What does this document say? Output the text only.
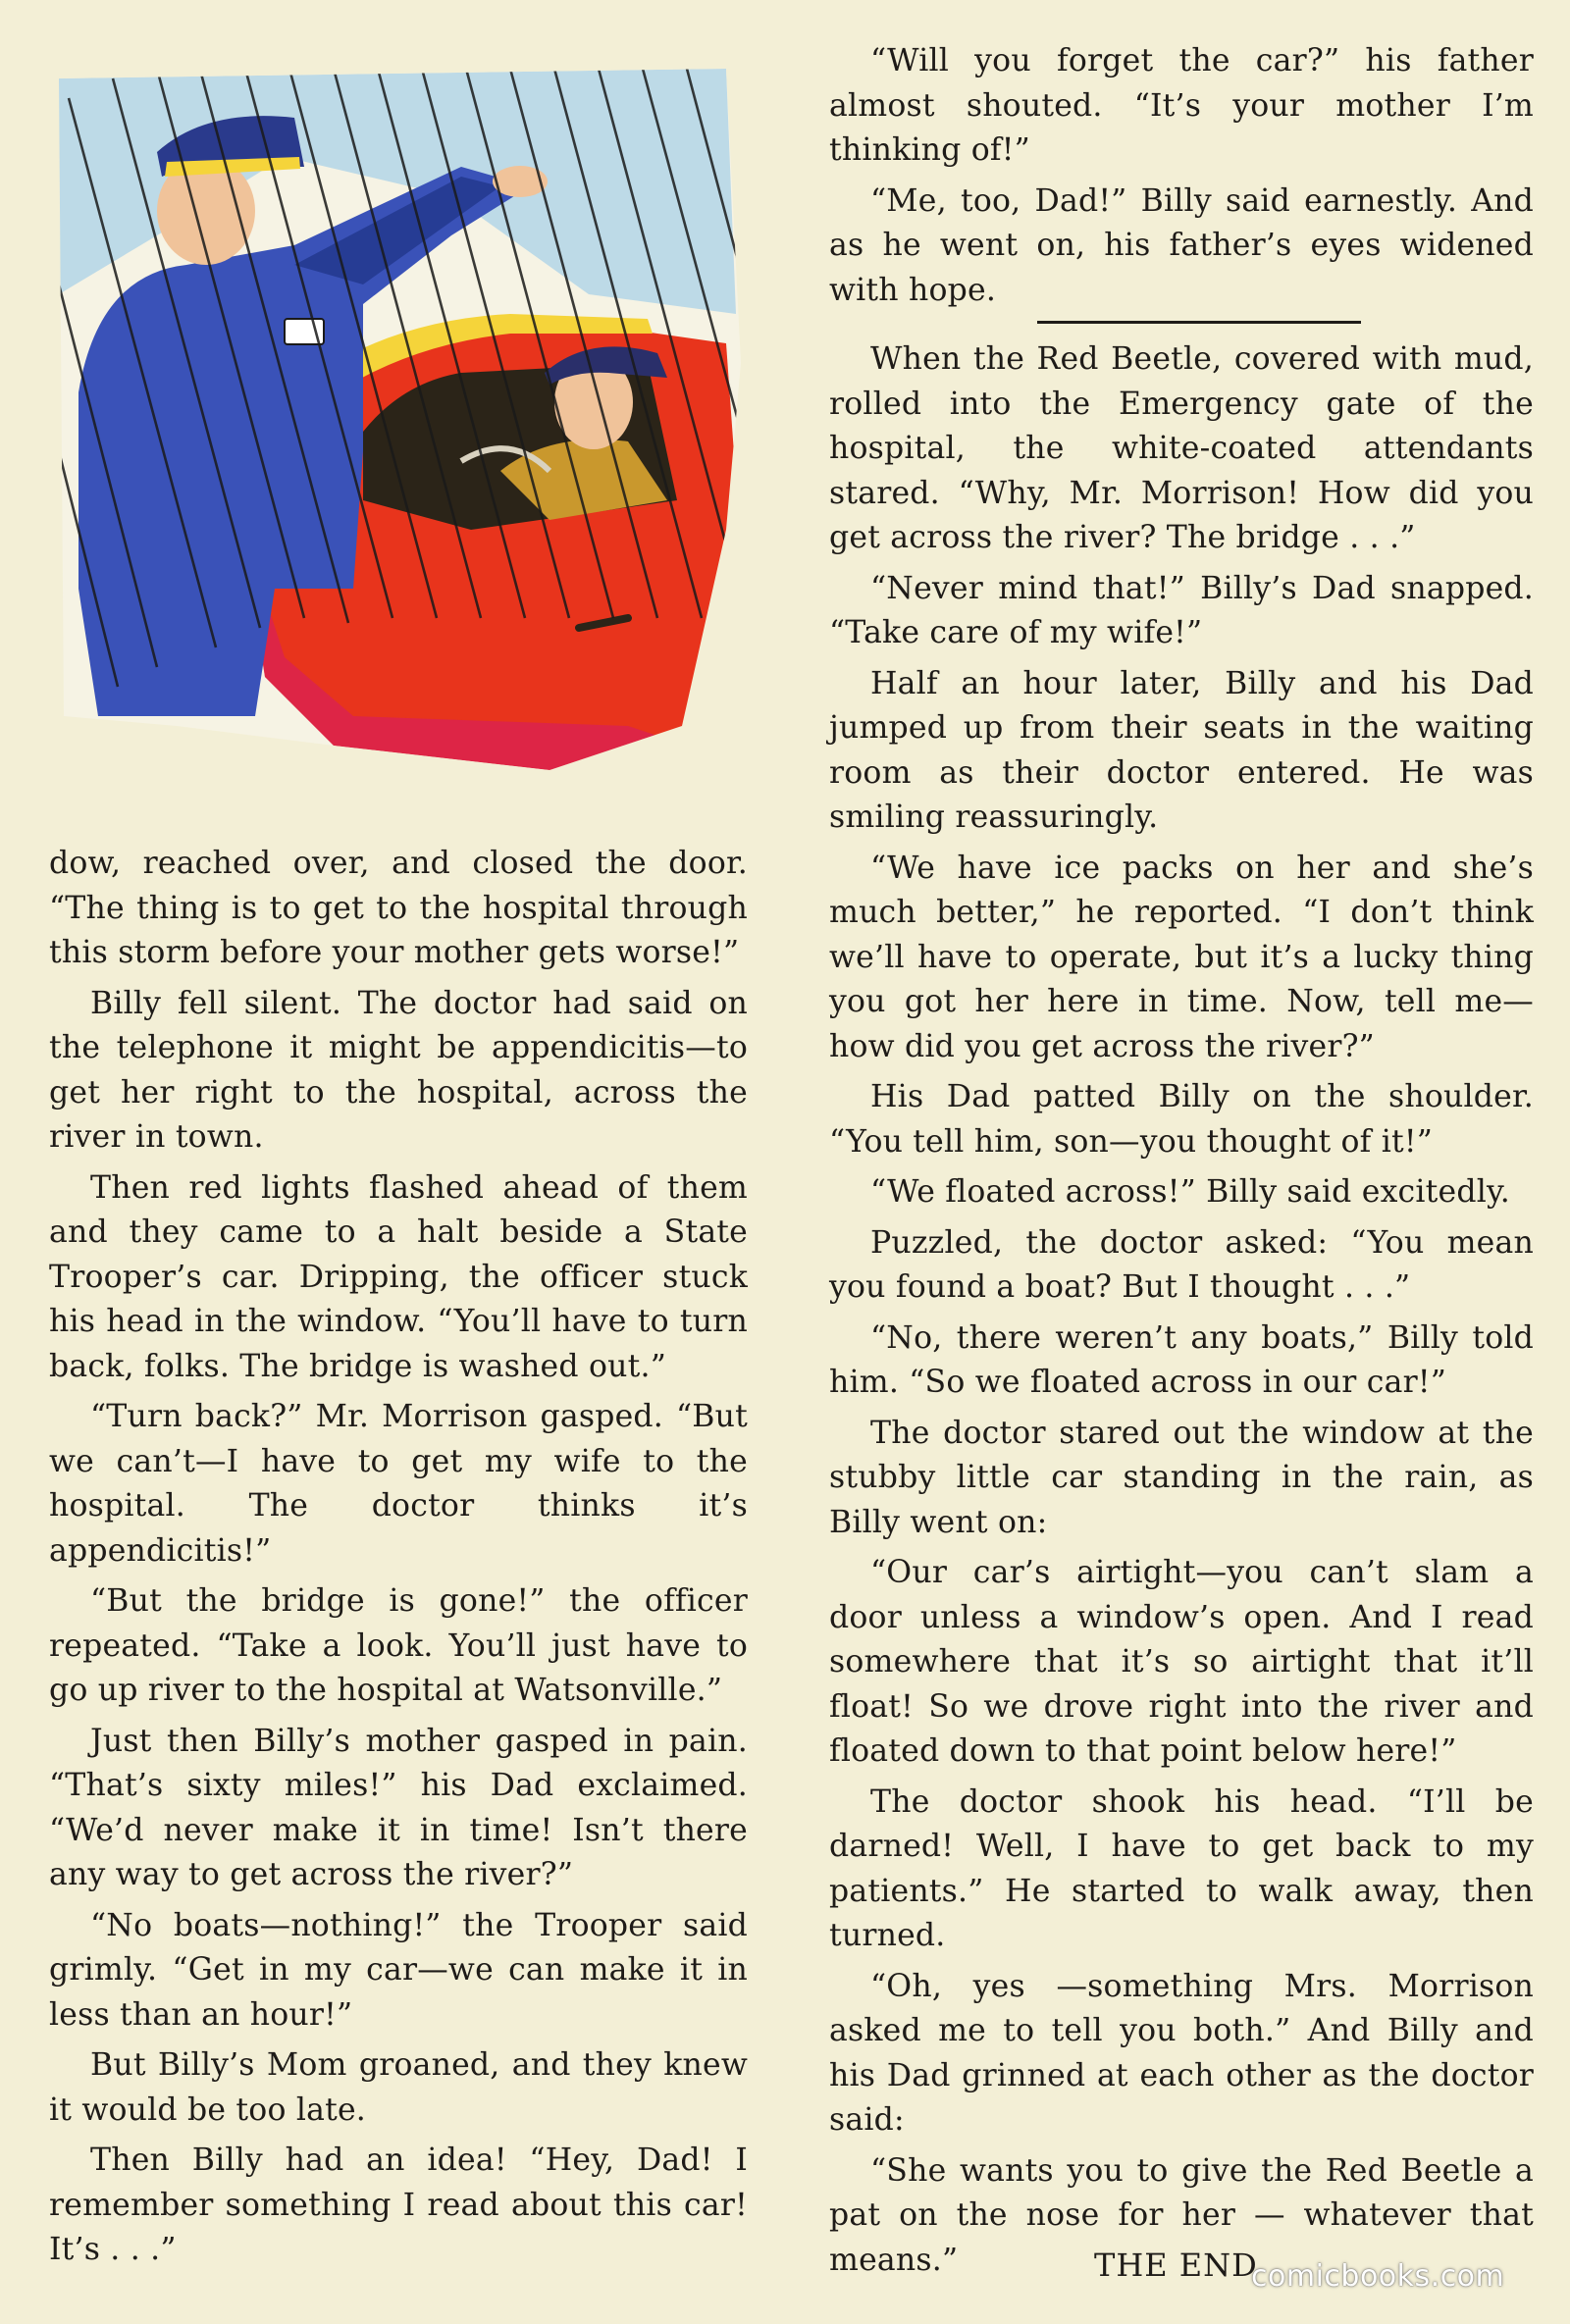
dow, reached over, and closed the door. “The thing is to get to the hospital through this storm before your mother gets worse!”

Billy fell silent. The doctor had said on the telephone it might be appendicitis—to get her right to the hospital, across the river in town.

Then red lights flashed ahead of them and they came to a halt beside a State Trooper’s car. Dripping, the officer stuck his head in the window. “You’ll have to turn back, folks. The bridge is washed out.”

“Turn back?” Mr. Morrison gasped. “But we can’t—I have to get my wife to the hospital. The doctor thinks it’s appendicitis!”

“But the bridge is gone!” the officer repeated. “Take a look. You’ll just have to go up river to the hospital at Watsonville.”

Just then Billy’s mother gasped in pain. “That’s sixty miles!” his Dad exclaimed. “We’d never make it in time! Isn’t there any way to get across the river?”

“No boats—nothing!” the Trooper said grimly. “Get in my car—we can make it in less than an hour!”

But Billy’s Mom groaned, and they knew it would be too late.

Then Billy had an idea! “Hey, Dad! I remember something I read about this car! It’s . . .”

“Will you forget the car?” his father almost shouted. “It’s your mother I’m thinking of!”

“Me, too, Dad!” Billy said earnestly. And as he went on, his father’s eyes widened with hope.

When the Red Beetle, covered with mud, rolled into the Emergency gate of the hospital, the white-coated attendants stared. “Why, Mr. Morrison! How did you get across the river? The bridge . . .”

“Never mind that!” Billy’s Dad snapped. “Take care of my wife!”

Half an hour later, Billy and his Dad jumped up from their seats in the waiting room as their doctor entered. He was smiling reassuringly.

“We have ice packs on her and she’s much better,” he reported. “I don’t think we’ll have to operate, but it’s a lucky thing you got her here in time. Now, tell me— how did you get across the river?”

His Dad patted Billy on the shoulder. “You tell him, son—you thought of it!”

“We floated across!” Billy said excitedly.

Puzzled, the doctor asked: “You mean you found a boat? But I thought . . .”

“No, there weren’t any boats,” Billy told him. “So we floated across in our car!”

The doctor stared out the window at the stubby little car standing in the rain, as Billy went on:

“Our car’s airtight—you can’t slam a door unless a window’s open. And I read somewhere that it’s so airtight that it’ll float! So we drove right into the river and floated down to that point below here!”

The doctor shook his head. “I’ll be darned! Well, I have to get back to my patients.” He started to walk away, then turned.

“Oh, yes —something Mrs. Morrison asked me to tell you both.” And Billy and his Dad grinned at each other as the doctor said:

“She wants you to give the Red Beetle a pat on the nose for her — whatever that means.”	THE END
comicbooks.com
